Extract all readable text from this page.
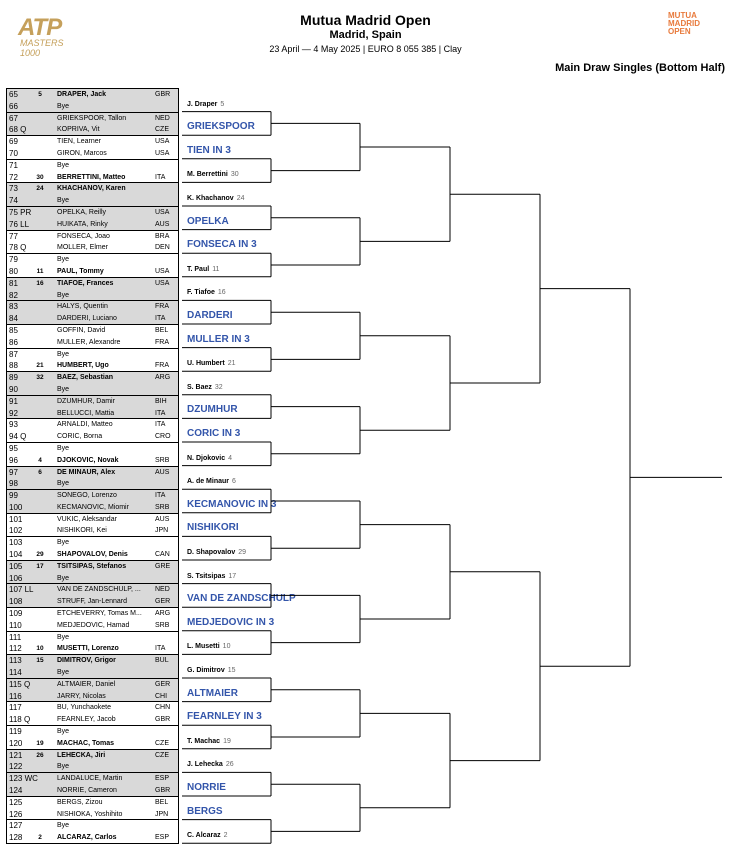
ATP
MASTERS 1000
Mutua Madrid Open
Madrid, Spain
23 April — 4 May 2025 | EURO 8 055 385 | Clay
MUTUA
MADRID
OPEN
Main Draw Singles (Bottom Half)
65	5	DRAPER, Jack	GBR
66	Bye
67	GRIEKSPOOR, Tallon	NED
68 Q	KOPRIVA, Vit	CZE
69	TIEN, Learner	USA
70	GIRON, Marcos	USA
71	Bye
72	30	BERRETTINI, Matteo	ITA
73	24	KHACHANOV, Karen
74	Bye
75 PR	OPELKA, Reilly	USA
76 LL	HUIKATA, Rinky	AUS
77	FONSECA, Joao	BRA
78 Q	MOLLER, Elmer	DEN
79	Bye
80	11	PAUL, Tommy	USA
81	16	TIAFOE, Frances	USA
82	Bye
83	HALYS, Quentin	FRA
84	DARDERI, Luciano	ITA
85	GOFFIN, David	BEL
86	MULLER, Alexandre	FRA
87	Bye
88	21	HUMBERT, Ugo	FRA
89	32	BAEZ, Sebastian	ARG
90	Bye
91	DZUMHUR, Damir	BIH
92	BELLUCCI, Mattia	ITA
93	ARNALDI, Matteo	ITA
94 Q	CORIC, Borna	CRO
95	Bye
96	4	DJOKOVIC, Novak	SRB
97	6	DE MINAUR, Alex	AUS
98	Bye
99	SONEGO, Lorenzo	ITA
100	KECMANOVIC, Miomir	SRB
101	VUKIC, Aleksandar	AUS
102	NISHIKORI, Kei	JPN
103	Bye
104	29	SHAPOVALOV, Denis	CAN
105	17	TSITSIPAS, Stefanos	GRE
106	Bye
107 LL	VAN DE ZANDSCHULP, ...	NED
108	STRUFF, Jan-Lennard	GER
109	ETCHEVERRY, Tomas M...	ARG
110	MEDJEDOVIC, Hamad	SRB
111	Bye
112	10	MUSETTI, Lorenzo	ITA
113	15	DIMITROV, Grigor	BUL
114	Bye
115 Q	ALTMAIER, Daniel	GER
116	JARRY, Nicolas	CHI
117	BU, Yunchaokete	CHN
118 Q	FEARNLEY, Jacob	GBR
119	Bye
120	19	MACHAC, Tomas	CZE
121	26	LEHECKA, Jiri	CZE
122	Bye
123 WC	LANDALUCE, Martin	ESP
124	NORRIE, Cameron	GBR
125	BERGS, Zizou	BEL
126	NISHIOKA, Yoshihito	JPN
127	Bye
128	2	ALCARAZ, Carlos	ESP
J. Draper 5
GRIEKSPOOR
TIEN IN 3
M. Berrettini 30
K. Khachanov 24
OPELKA
FONSECA IN 3
T. Paul 11
F. Tiafoe 16
DARDERI
MULLER IN 3
U. Humbert 21
S. Baez 32
DZUMHUR
CORIC IN 3
N. Djokovic 4
A. de Minaur 6
KECMANOVIC IN 3
NISHIKORI
D. Shapovalov 29
S. Tsitsipas 17
VAN DE ZANDSCHULP
MEDJEDOVIC IN 3
L. Musetti 10
G. Dimitrov 15
ALTMAIER
FEARNLEY IN 3
T. Machac 19
J. Lehecka 26
NORRIE
BERGS
C. Alcaraz 2
